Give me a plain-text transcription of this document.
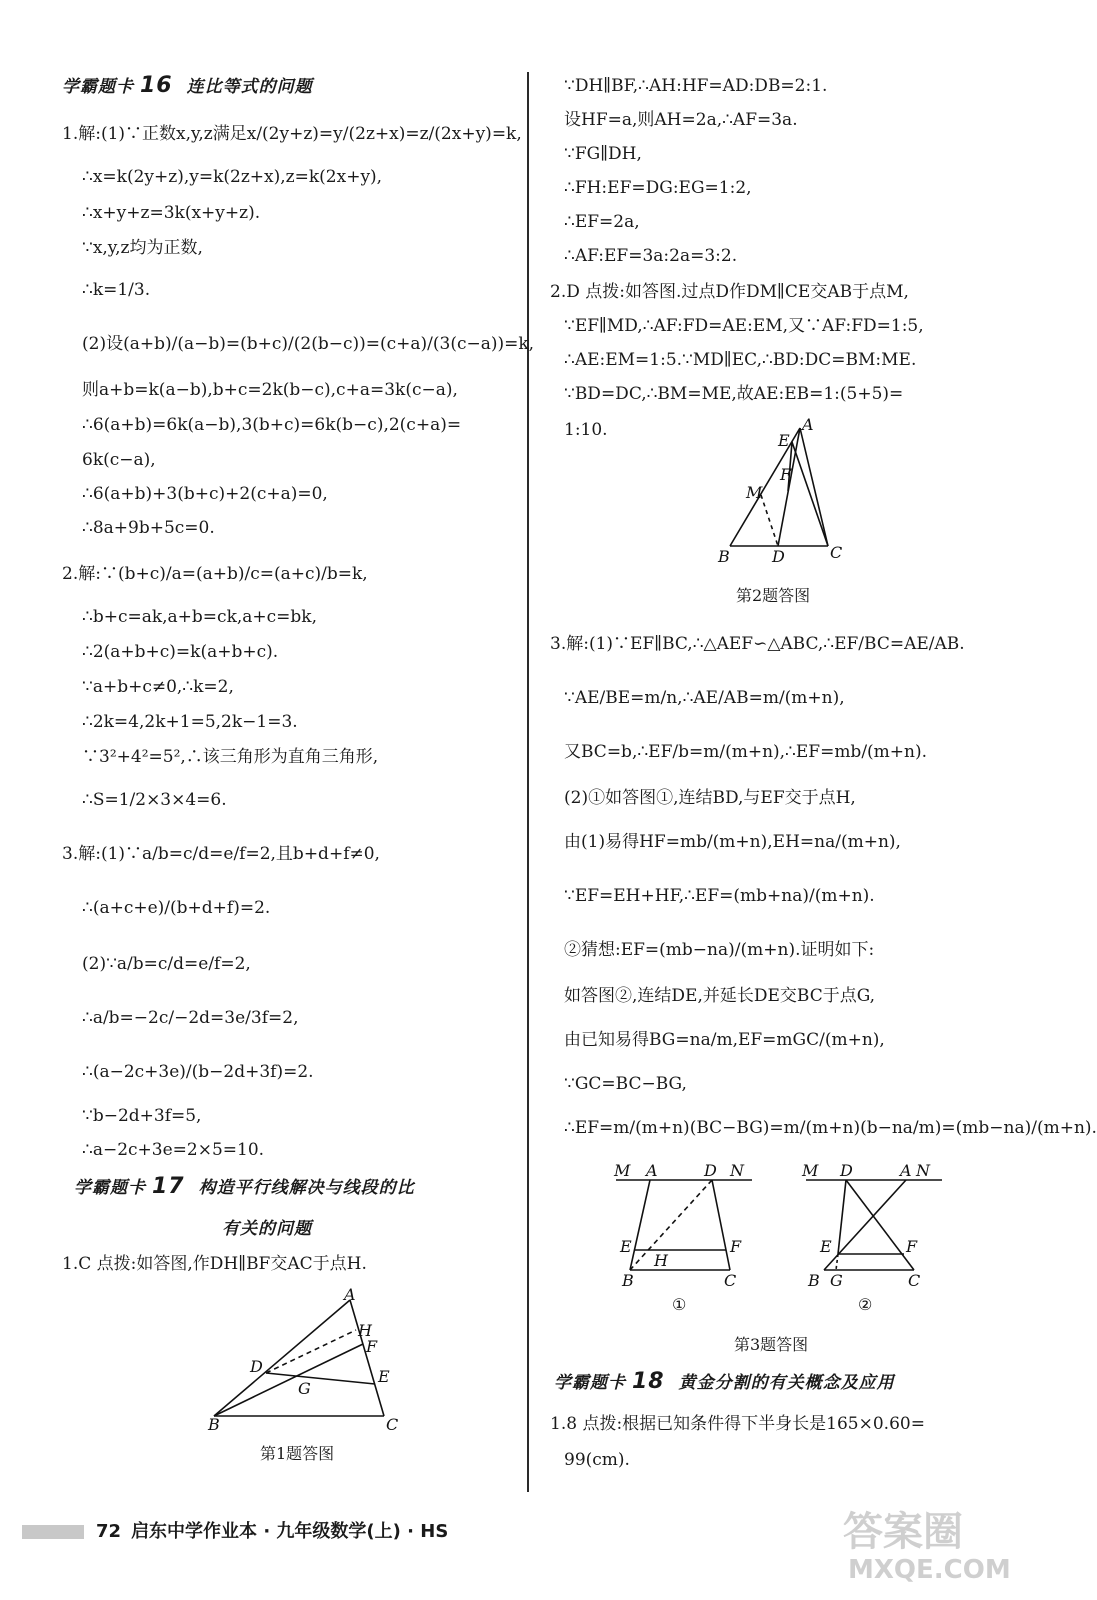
学霸题卡 16 连比等式的问题
1.解:(1)∵正数x,y,z满足x/(2y+z)=y/(2z+x)=z/(2x+y)=k,
∴x=k(2y+z),y=k(2z+x),z=k(2x+y),
∴x+y+z=3k(x+y+z).
∵x,y,z均为正数,
∴k=1/3.
(2)设(a+b)/(a−b)=(b+c)/(2(b−c))=(c+a)/(3(c−a))=k,
则a+b=k(a−b),b+c=2k(b−c),c+a=3k(c−a),
∴6(a+b)=6k(a−b),3(b+c)=6k(b−c),2(c+a)=
6k(c−a),
∴6(a+b)+3(b+c)+2(c+a)=0,
∴8a+9b+5c=0.
2.解:∵(b+c)/a=(a+b)/c=(a+c)/b=k,
∴b+c=ak,a+b=ck,a+c=bk,
∴2(a+b+c)=k(a+b+c).
∵a+b+c≠0,∴k=2,
∴2k=4,2k+1=5,2k−1=3.
∵3²+4²=5²,∴该三角形为直角三角形,
∴S=1/2×3×4=6.
3.解:(1)∵a/b=c/d=e/f=2,且b+d+f≠0,
∴(a+c+e)/(b+d+f)=2.
(2)∵a/b=c/d=e/f=2,
∴a/b=−2c/−2d=3e/3f=2,
∴(a−2c+3e)/(b−2d+3f)=2.
∵b−2d+3f=5,
∴a−2c+3e=2×5=10.
学霸题卡 17 构造平行线解决与线段的比
有关的问题
1.C 点拨:如答图,作DH∥BF交AC于点H.
B
A
C
D
H
F
E
G
第1题答图
∵DH∥BF,∴AH:HF=AD:DB=2:1.
设HF=a,则AH=2a,∴AF=3a.
∵FG∥DH,
∴FH:EF=DG:EG=1:2,
∴EF=2a,
∴AF:EF=3a:2a=3:2.
2.D 点拨:如答图.过点D作DM∥CE交AB于点M,
∵EF∥MD,∴AF:FD=AE:EM,又∵AF:FD=1:5,
∴AE:EM=1:5.∵MD∥EC,∴BD:DC=BM:ME.
∵BD=DC,∴BM=ME,故AE:EB=1:(5+5)=
1:10.	A
E
F
M
B	D	C
第2题答图
3.解:(1)∵EF∥BC,∴△AEF∽△ABC,∴EF/BC=AE/AB.
∵AE/BE=m/n,∴AE/AB=m/(m+n),
又BC=b,∴EF/b=m/(m+n),∴EF=mb/(m+n).
(2)①如答图①,连结BD,与EF交于点H,
由(1)易得HF=mb/(m+n),EH=na/(m+n),
∵EF=EH+HF,∴EF=(mb+na)/(m+n).
②猜想:EF=(mb−na)/(m+n).证明如下:
如答图②,连结DE,并延长DE交BC于点G,
由已知易得BG=na/m,EF=mGC/(m+n),
∵GC=BC−BG,
∴EF=m/(m+n)(BC−BG)=m/(m+n)(b−na/m)=(mb−na)/(m+n).
M A	D N
E	F
H
B	C
①
M D	A N
E	F
B G	C
②
第3题答图
学霸题卡 18 黄金分割的有关概念及应用
1.8 点拨:根据已知条件得下半身长是165×0.60=
99(cm).
72 启东中学作业本 · 九年级数学(上) · HS	答案圈
MXQE.COM
